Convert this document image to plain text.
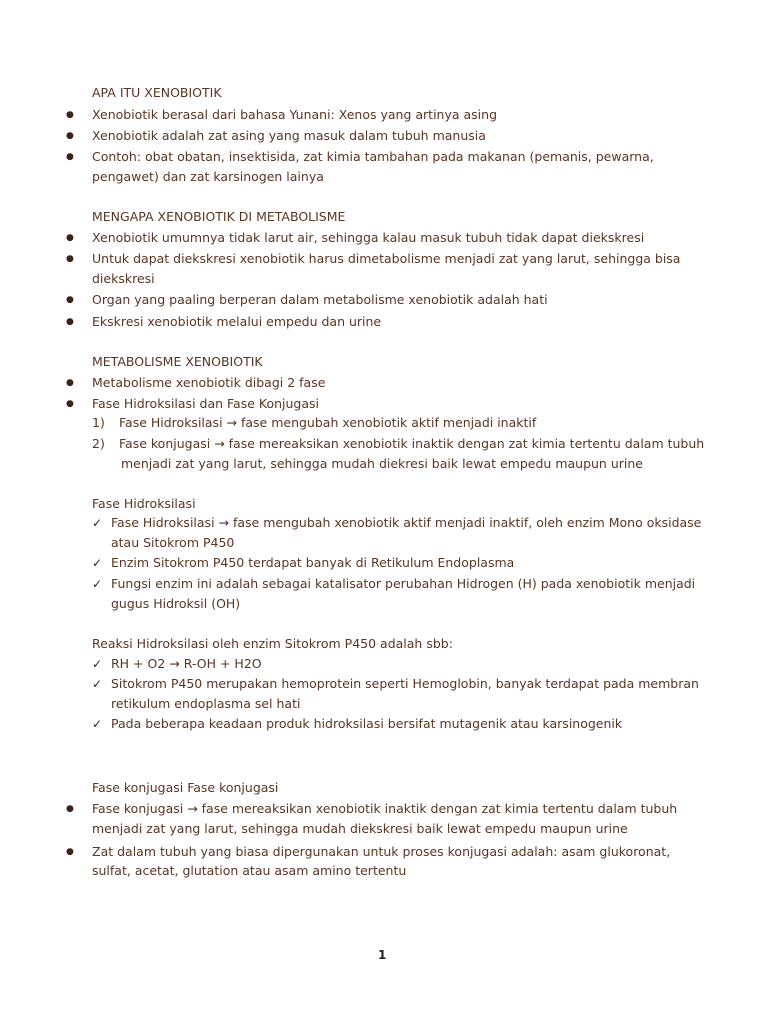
APA ITU XENOBIOTIK
● Xenobiotik berasal dari bahasa Yunani: Xenos yang artinya asing
● Xenobiotik adalah zat asing yang masuk dalam tubuh manusia
● Contoh: obat obatan, insektisida, zat kimia tambahan pada makanan (pemanis, pewarna,
pengawet) dan zat karsinogen lainya
MENGAPA XENOBIOTIK DI METABOLISME
● Xenobiotik umumnya tidak larut air, sehingga kalau masuk tubuh tidak dapat diekskresi
● Untuk dapat diekskresi xenobiotik harus dimetabolisme menjadi zat yang larut, sehingga bisa
diekskresi
● Organ yang paaling berperan dalam metabolisme xenobiotik adalah hati
● Ekskresi xenobiotik melalui empedu dan urine
METABOLISME XENOBIOTIK
● Metabolisme xenobiotik dibagi 2 fase
● Fase Hidroksilasi dan Fase Konjugasi
1) Fase Hidroksilasi → fase mengubah xenobiotik aktif menjadi inaktif
2) Fase konjugasi → fase mereaksikan xenobiotik inaktik dengan zat kimia tertentu dalam tubuh
menjadi zat yang larut, sehingga mudah diekresi baik lewat empedu maupun urine
Fase Hidroksilasi
✓ Fase Hidroksilasi → fase mengubah xenobiotik aktif menjadi inaktif, oleh enzim Mono oksidase
atau Sitokrom P450
✓ Enzim Sitokrom P450 terdapat banyak di Retikulum Endoplasma
✓ Fungsi enzim ini adalah sebagai katalisator perubahan Hidrogen (H) pada xenobiotik menjadi
gugus Hidroksil (OH)
Reaksi Hidroksilasi oleh enzim Sitokrom P450 adalah sbb:
✓ RH + O2 → R-OH + H2O
✓ Sitokrom P450 merupakan hemoprotein seperti Hemoglobin, banyak terdapat pada membran
retikulum endoplasma sel hati
✓ Pada beberapa keadaan produk hidroksilasi bersifat mutagenik atau karsinogenik
Fase konjugasi Fase konjugasi
● Fase konjugasi → fase mereaksikan xenobiotik inaktik dengan zat kimia tertentu dalam tubuh
menjadi zat yang larut, sehingga mudah diekskresi baik lewat empedu maupun urine
● Zat dalam tubuh yang biasa dipergunakan untuk proses konjugasi adalah: asam glukoronat,
sulfat, acetat, glutation atau asam amino tertentu
1
